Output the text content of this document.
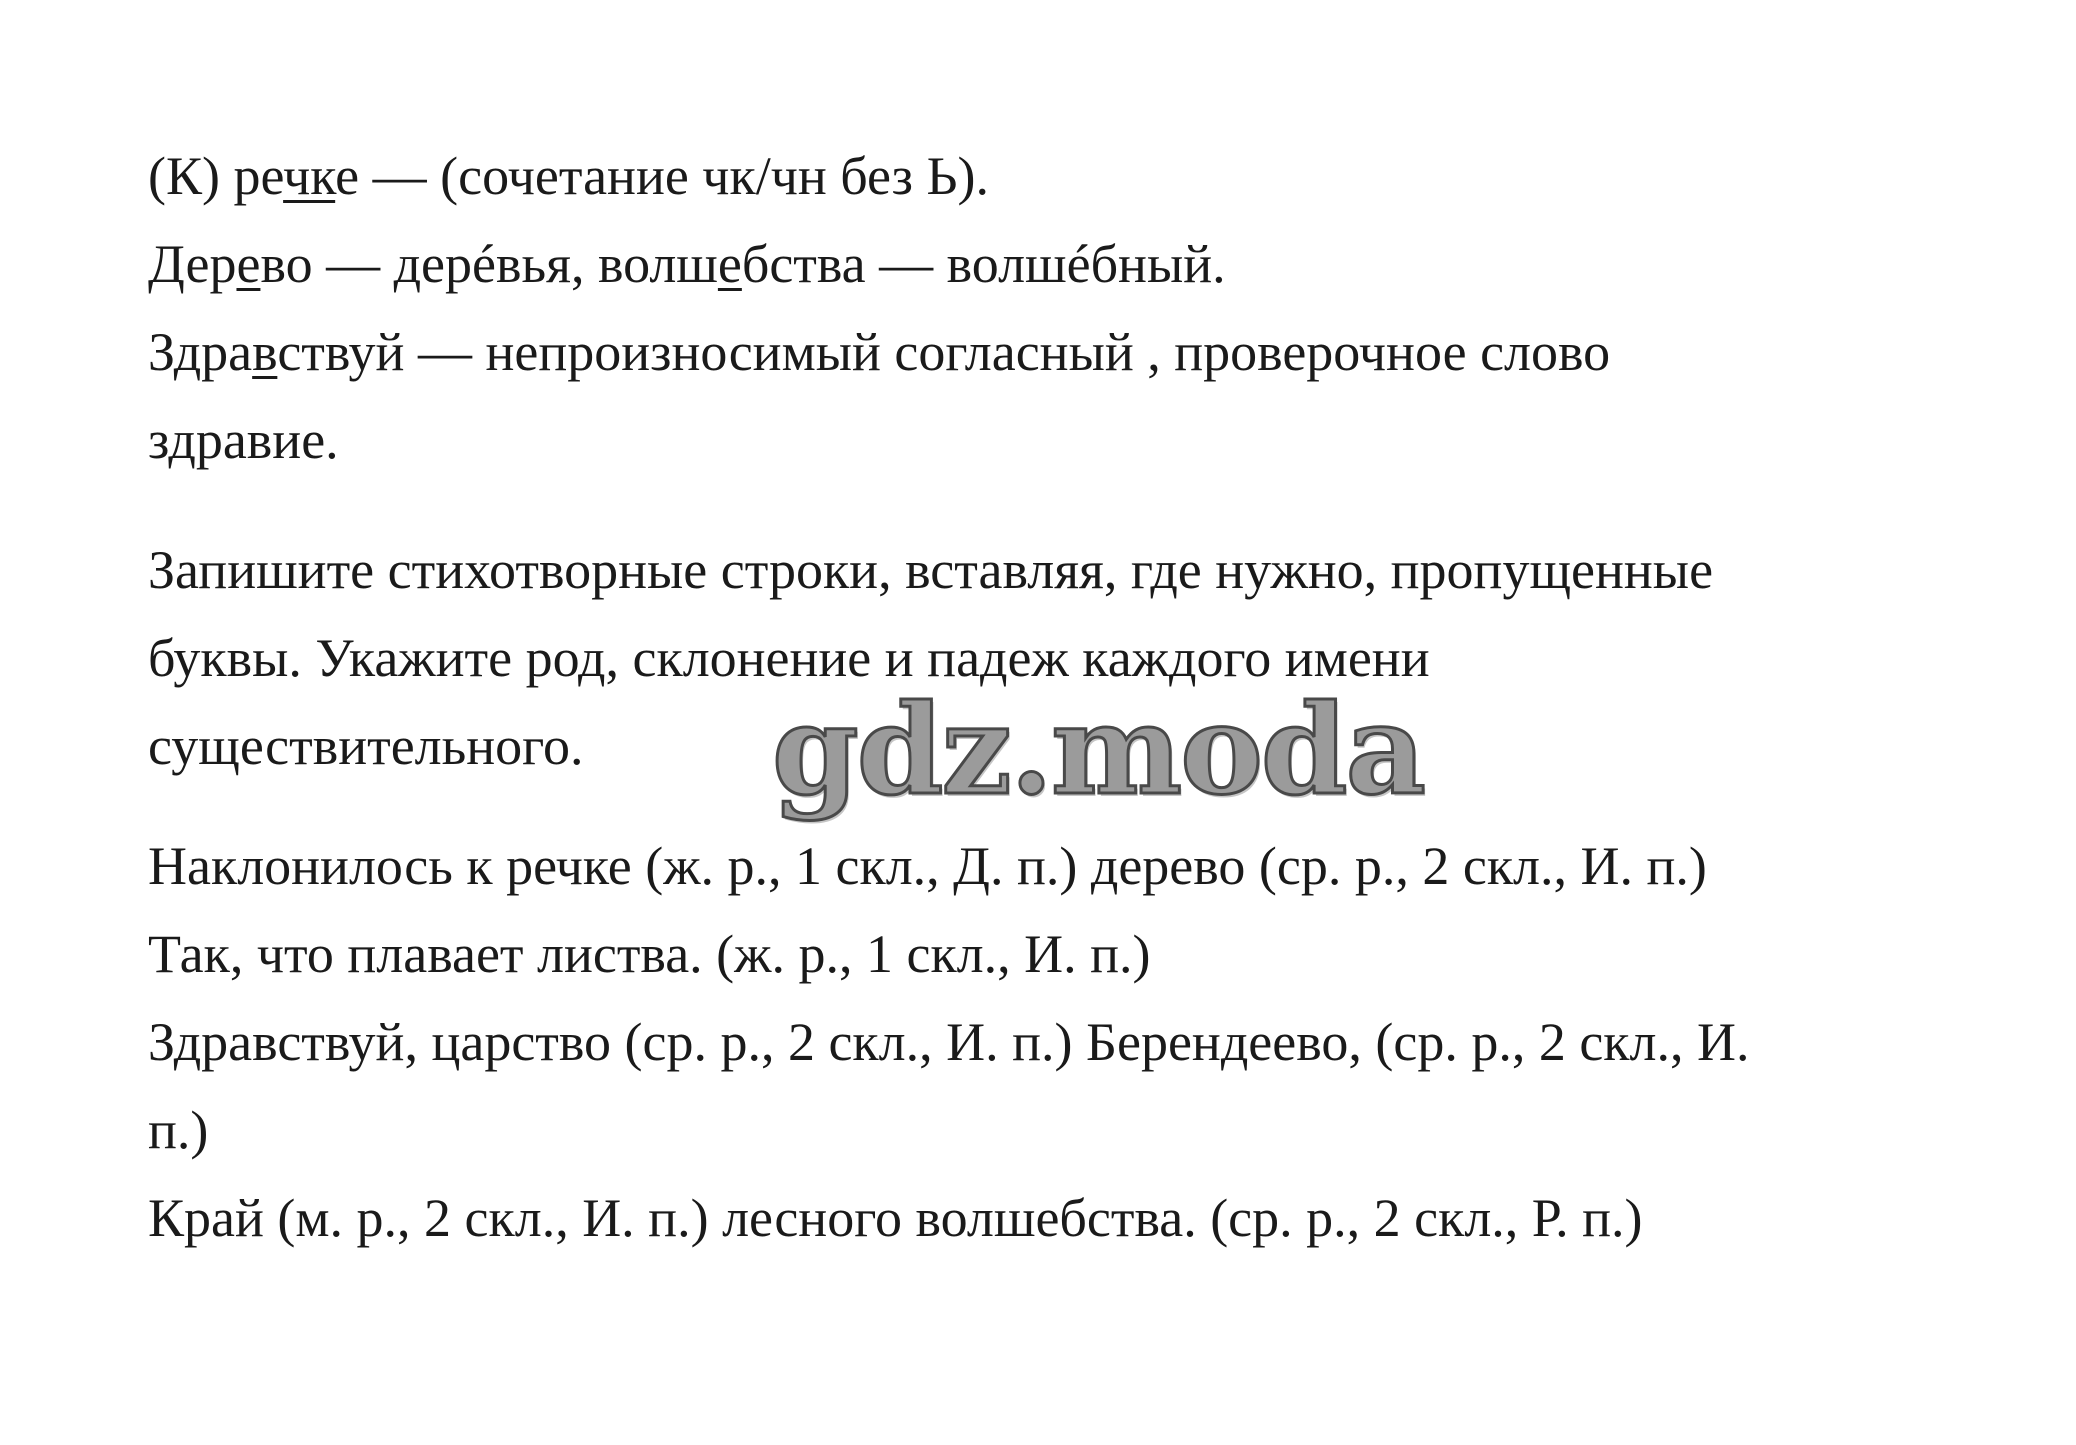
(К) речке — (сочетание чк/чн без Ь).
Дерево — дерéвья, волшебства — волшéбный.
Здравствуй — непроизносимый согласный , проверочное слово
здравие.
Запишите стихотворные строки, вставляя, где нужно, пропущенные
буквы. Укажите род, склонение и падеж каждого имени
существительного.
Наклонилось к речке (ж. р., 1 скл., Д. п.) дерево (ср. р., 2 скл., И. п.)
Так, что плавает листва. (ж. р., 1 скл., И. п.)
Здравствуй, царство (ср. р., 2 скл., И. п.) Берендеево, (ср. р., 2 скл., И.
п.)
Край (м. р., 2 скл., И. п.) лесного волшебства. (ср. р., 2 скл., Р. п.)
gdz.moda
